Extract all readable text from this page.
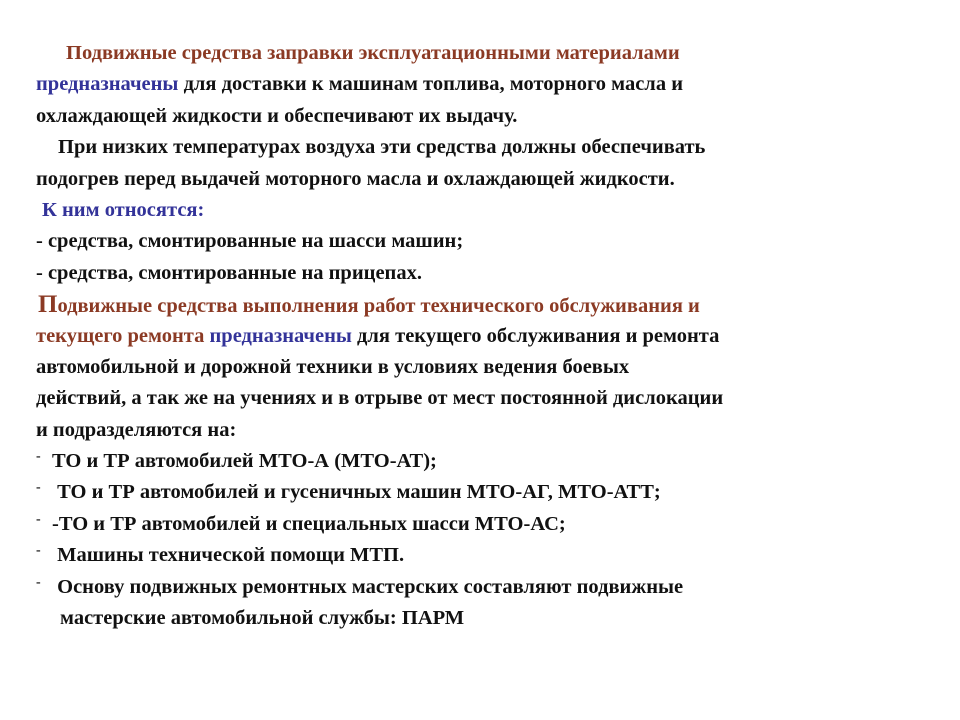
Подвижные средства заправки эксплуатационными материалами
предназначены для доставки к машинам топлива, моторного масла и
охлаждающей жидкости и обеспечивают их выдачу.
При низких температурах воздуха эти средства должны обеспечивать
подогрев перед выдачей моторного масла и охлаждающей жидкости.
К ним относятся:
- средства, смонтированные на шасси машин;
- средства, смонтированные на прицепах.
Подвижные средства выполнения работ технического обслуживания и
текущего ремонта предназначены для текущего обслуживания и ремонта
автомобильной и дорожной техники в условиях ведения боевых
действий, а так же на учениях и в отрыве от мест постоянной дислокации
и подразделяются на:
- ТО и ТР автомобилей МТО-А (МТО-АТ);
- ТО и ТР автомобилей и гусеничных машин МТО-АГ, МТО-АТТ;
- -ТО и ТР автомобилей и специальных шасси МТО-АС;
- Машины технической помощи МТП.
- Основу подвижных ремонтных мастерских составляют подвижные
мастерские автомобильной службы: ПАРМ
